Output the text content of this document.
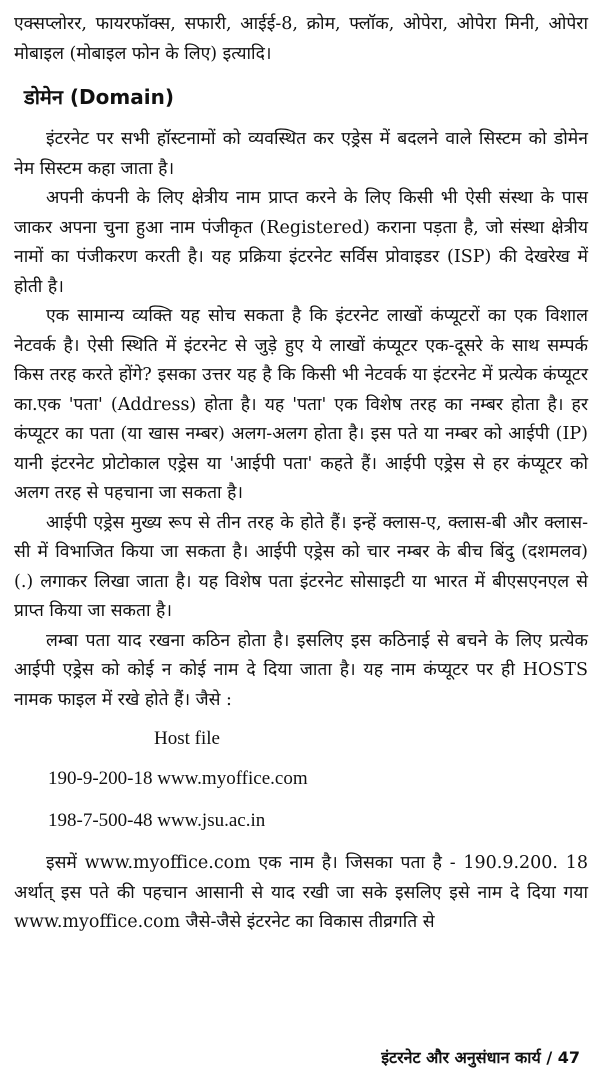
एक्सप्लोरर, फायरफॉक्स, सफारी, आईई-8, क्रोम, फ्लॉक, ओपेरा, ओपेरा मिनी, ओपेरा मोबाइल (मोबाइल फोन के लिए) इत्यादि।

डोमेन (Domain)

इंटरनेट पर सभी हॉस्टनामों को व्यवस्थित कर एड्रेस में बदलने वाले सिस्टम को डोमेन नेम सिस्टम कहा जाता है।

अपनी कंपनी के लिए क्षेत्रीय नाम प्राप्त करने के लिए किसी भी ऐसी संस्था के पास जाकर अपना चुना हुआ नाम पंजीकृत (Registered) कराना पड़ता है, जो संस्था क्षेत्रीय नामों का पंजीकरण करती है। यह प्रक्रिया इंटरनेट सर्विस प्रोवाइडर (ISP) की देखरेख में होती है।

एक सामान्य व्यक्ति यह सोच सकता है कि इंटरनेट लाखों कंप्यूटरों का एक विशाल नेटवर्क है। ऐसी स्थिति में इंटरनेट से जुड़े हुए ये लाखों कंप्यूटर एक-दूसरे के साथ सम्पर्क किस तरह करते होंगे? इसका उत्तर यह है कि किसी भी नेटवर्क या इंटरनेट में प्रत्येक कंप्यूटर का.एक 'पता' (Address) होता है। यह 'पता' एक विशेष तरह का नम्बर होता है। हर कंप्यूटर का पता (या खास नम्बर) अलग-अलग होता है। इस पते या नम्बर को आईपी (IP) यानी इंटरनेट प्रोटोकाल एड्रेस या 'आईपी पता' कहते हैं। आईपी एड्रेस से हर कंप्यूटर को अलग तरह से पहचाना जा सकता है।

आईपी एड्रेस मुख्य रूप से तीन तरह के होते हैं। इन्हें क्लास-ए, क्लास-बी और क्लास-सी में विभाजित किया जा सकता है। आईपी एड्रेस को चार नम्बर के बीच बिंदु (दशमलव) (.) लगाकर लिखा जाता है। यह विशेष पता इंटरनेट सोसाइटी या भारत में बीएसएनएल से प्राप्त किया जा सकता है।

लम्बा पता याद रखना कठिन होता है। इसलिए इस कठिनाई से बचने के लिए प्रत्येक आईपी एड्रेस को कोई न कोई नाम दे दिया जाता है। यह नाम कंप्यूटर पर ही HOSTS नामक फाइल में रखे होते हैं। जैसे :

Host file
190-9-200-18 www.myoffice.com
198-7-500-48 www.jsu.ac.in

इसमें www.myoffice.com एक नाम है। जिसका पता है - 190.9.200. 18 अर्थात् इस पते की पहचान आसानी से याद रखी जा सके इसलिए इसे नाम दे दिया गया www.myoffice.com जैसे-जैसे इंटरनेट का विकास तीव्रगति से

इंटरनेट और अनुसंधान कार्य / 47
